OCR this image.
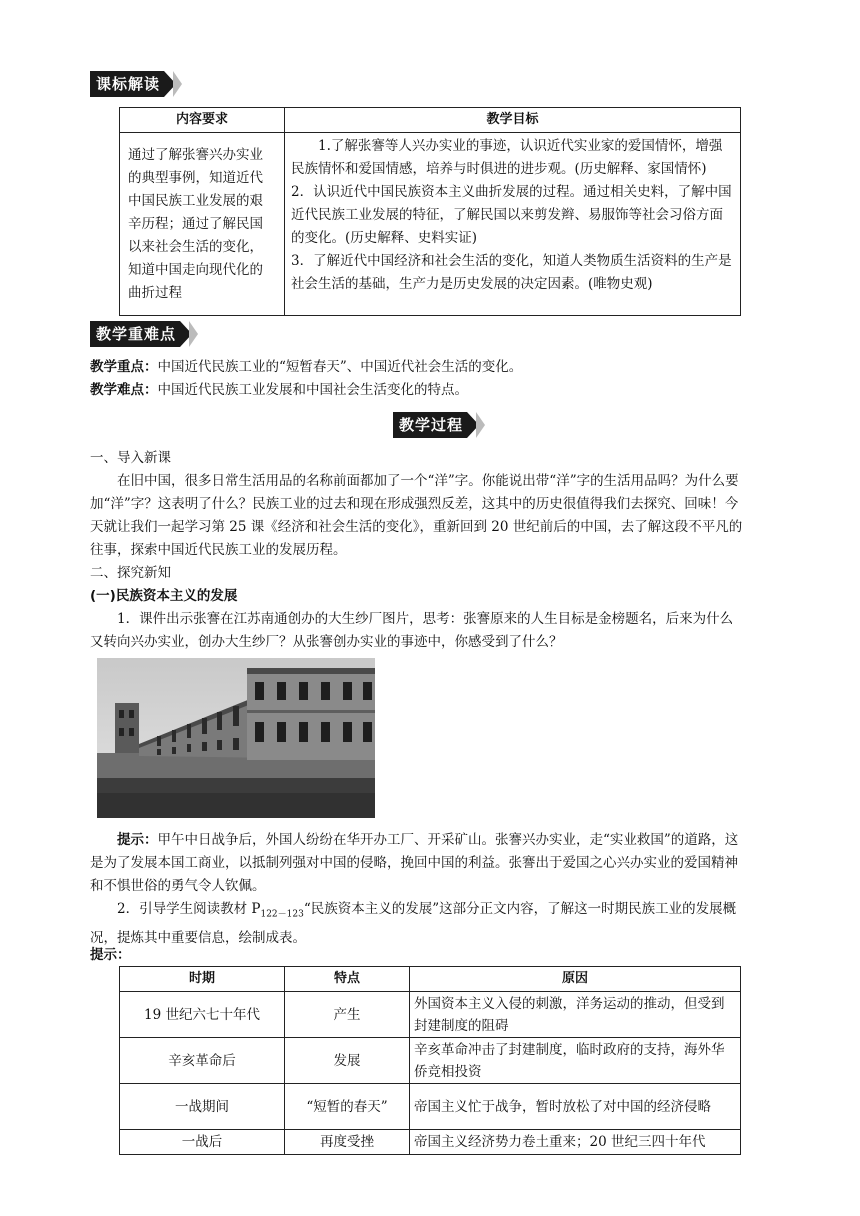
课标解读
内容要求	教学目标
通过了解张謇兴办实业的典型事例，知道近代中国民族工业发展的艰辛历程；通过了解民国以来社会生活的变化，知道中国走向现代化的曲折过程	1.了解张謇等人兴办实业的事迹，认识近代实业家的爱国情怀，增强民族情怀和爱国情感，培养与时俱进的进步观。(历史解释、家国情怀)

2．认识近代中国民族资本主义曲折发展的过程。通过相关史料，了解中国近代民族工业发展的特征，了解民国以来剪发辫、易服饰等社会习俗方面的变化。(历史解释、史料实证)

3．了解近代中国经济和社会生活的变化，知道人类物质生活资料的生产是社会生活的基础，生产力是历史发展的决定因素。(唯物史观)

教学重难点
教学重点：中国近代民族工业的“短暂春天”、中国近代社会生活的变化。
教学难点：中国近代民族工业发展和中国社会生活变化的特点。
教学过程
一、导入新课
在旧中国，很多日常生活用品的名称前面都加了一个“洋”字。你能说出带“洋”字的生活用品吗？为什么要加“洋”字？这表明了什么？民族工业的过去和现在形成强烈反差，这其中的历史很值得我们去探究、回味！今天就让我们一起学习第 25 课《经济和社会生活的变化》，重新回到 20 世纪前后的中国，去了解这段不平凡的往事，探索中国近代民族工业的发展历程。
二、探究新知
(一)民族资本主义的发展
1．课件出示张謇在江苏南通创办的大生纱厂图片，思考：张謇原来的人生目标是金榜题名，后来为什么又转向兴办实业，创办大生纱厂？从张謇创办实业的事迹中，你感受到了什么？
提示：甲午中日战争后，外国人纷纷在华开办工厂、开采矿山。张謇兴办实业，走“实业救国”的道路，这是为了发展本国工商业，以抵制列强对中国的侵略，挽回中国的利益。张謇出于爱国之心兴办实业的爱国精神和不惧世俗的勇气令人钦佩。
2．引导学生阅读教材 $P_{122-123}“$民族资本主义的发展”这部分正文内容，了解这一时期民族工业的发展概况，提炼其中重要信息，绘制成表。
提示：
时期	特点	原因
19 世纪六七十年代	产生	外国资本主义入侵的刺激，洋务运动的推动，但受到封建制度的阻碍
辛亥革命后	发展	辛亥革命冲击了封建制度，临时政府的支持，海外华侨竞相投资
一战期间	“短暂的春天”	帝国主义忙于战争，暂时放松了对中国的经济侵略
一战后	再度受挫	帝国主义经济势力卷土重来；20 世纪三四十年代
